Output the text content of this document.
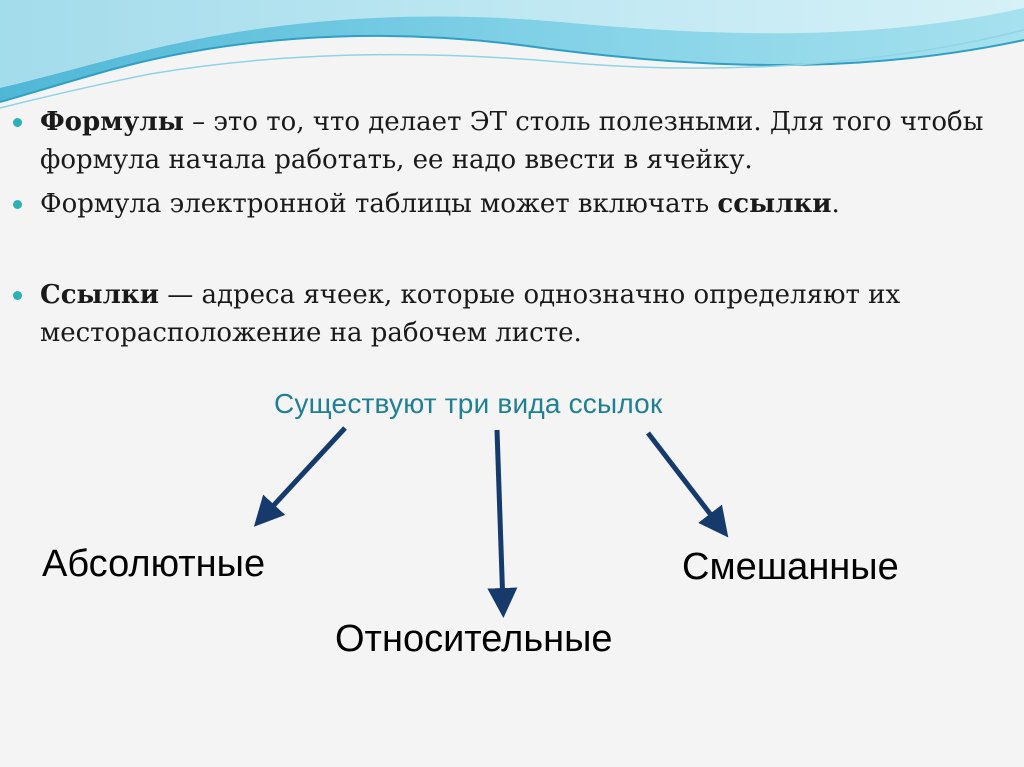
Формулы – это то, что делает ЭТ столь полезными. Для того чтобы формула начала работать, ее надо ввести в ячейку.
Формула электронной таблицы может включать ссылки.
Ссылки — адреса ячеек, которые однозначно определяют их месторасположение на рабочем листе.
Существуют три вида ссылок
Абсолютные	Смешанные
Относительные
